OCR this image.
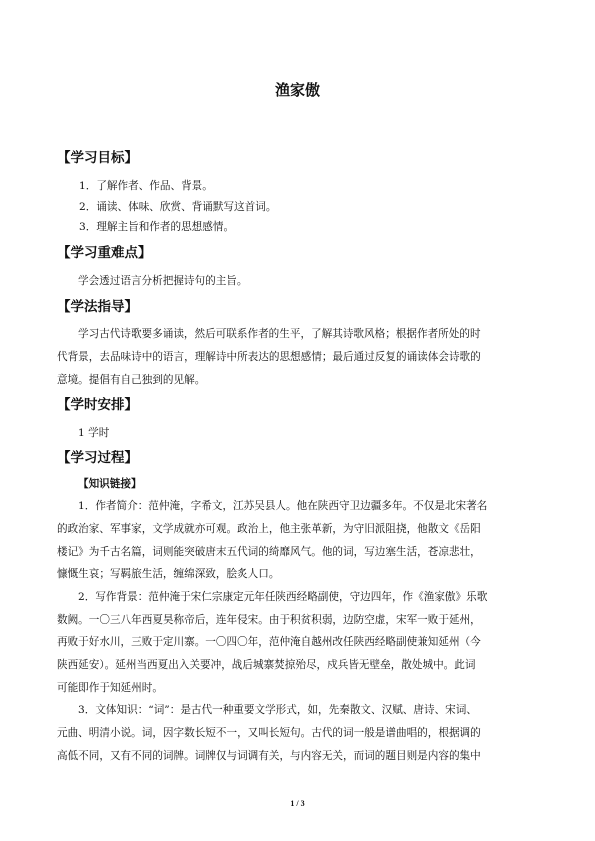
渔家傲
【学习目标】
1．了解作者、作品、背景。
2．诵读、体味、欣赏、背诵默写这首词。
3．理解主旨和作者的思想感情。
【学习重难点】
学会透过语言分析把握诗句的主旨。
【学法指导】
学习古代诗歌要多诵读，然后可联系作者的生平，了解其诗歌风格；根据作者所处的时
代背景，去品味诗中的语言，理解诗中所表达的思想感情；最后通过反复的诵读体会诗歌的
意境。提倡有自己独到的见解。
【学时安排】
1 学时
【学习过程】
【知识链接】
1．作者简介：范仲淹，字希文，江苏吴县人。他在陕西守卫边疆多年。不仅是北宋著名
的政治家、军事家，文学成就亦可观。政治上，他主张革新，为守旧派阻挠，他散文《岳阳
楼记》为千古名篇，词则能突破唐末五代词的绮靡风气。他的词，写边塞生活，苍凉悲壮，
慷慨生哀；写羁旅生活，缠绵深致，脍炙人口。
2．写作背景：范仲淹于宋仁宗康定元年任陕西经略副使，守边四年，作《渔家傲》乐歌
数阙。一〇三八年西夏昊称帝后，连年侵宋。由于积贫积弱，边防空虚，宋军一败于延州，
再败于好水川，三败于定川寨。一〇四〇年，范仲淹自越州改任陕西经略副使兼知延州（今
陕西延安）。延州当西夏出入关要冲，战后城寨焚掠殆尽，戍兵皆无壁垒，散处城中。此词
可能即作于知延州时。
3．文体知识：“词”：是古代一种重要文学形式，如，先秦散文、汉赋、唐诗、宋词、
元曲、明清小说。词，因字数长短不一，又叫长短句。古代的词一般是谱曲唱的，根据调的
高低不同，又有不同的词牌。词牌仅与词调有关，与内容无关，而词的题目则是内容的集中
1 / 3
